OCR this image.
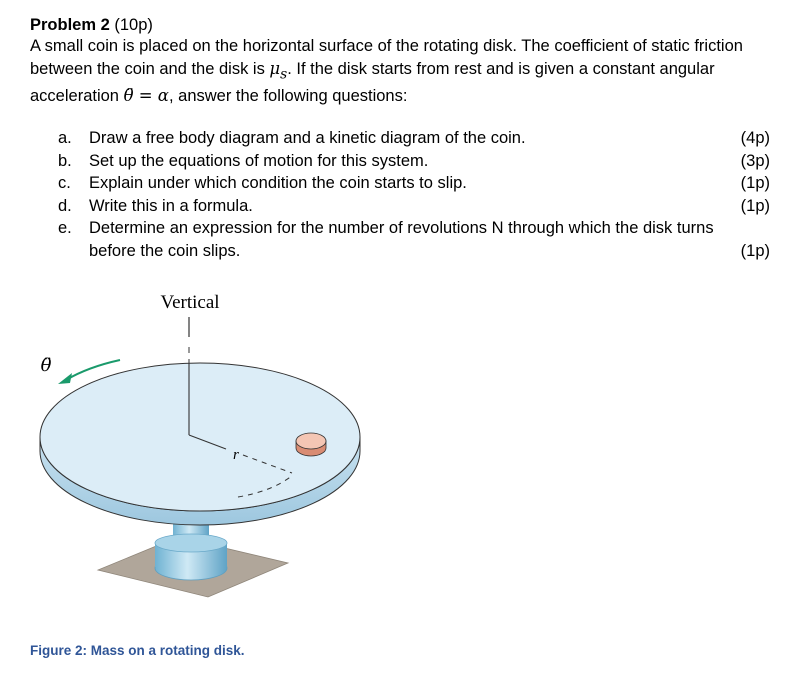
Problem 2 (10p)

A small coin is placed on the horizontal surface of the rotating disk. The coefficient of static friction between the coin and the disk is $\mu_s$. If the disk starts from rest and is given a constant angular acceleration θ̈ = α, answer the following questions:

a. Draw a free body diagram and a kinetic diagram of the coin.	(4p)
b. Set up the equations of motion for this system.	(3p)
c. Explain under which condition the coin starts to slip.	(1p)
d. Write this in a formula.	(1p)
e. Determine an expression for the number of revolutions N through which the disk turns before the coin slips.	(1p)
Vertical
r
θ̈
Figure 2: Mass on a rotating disk.
